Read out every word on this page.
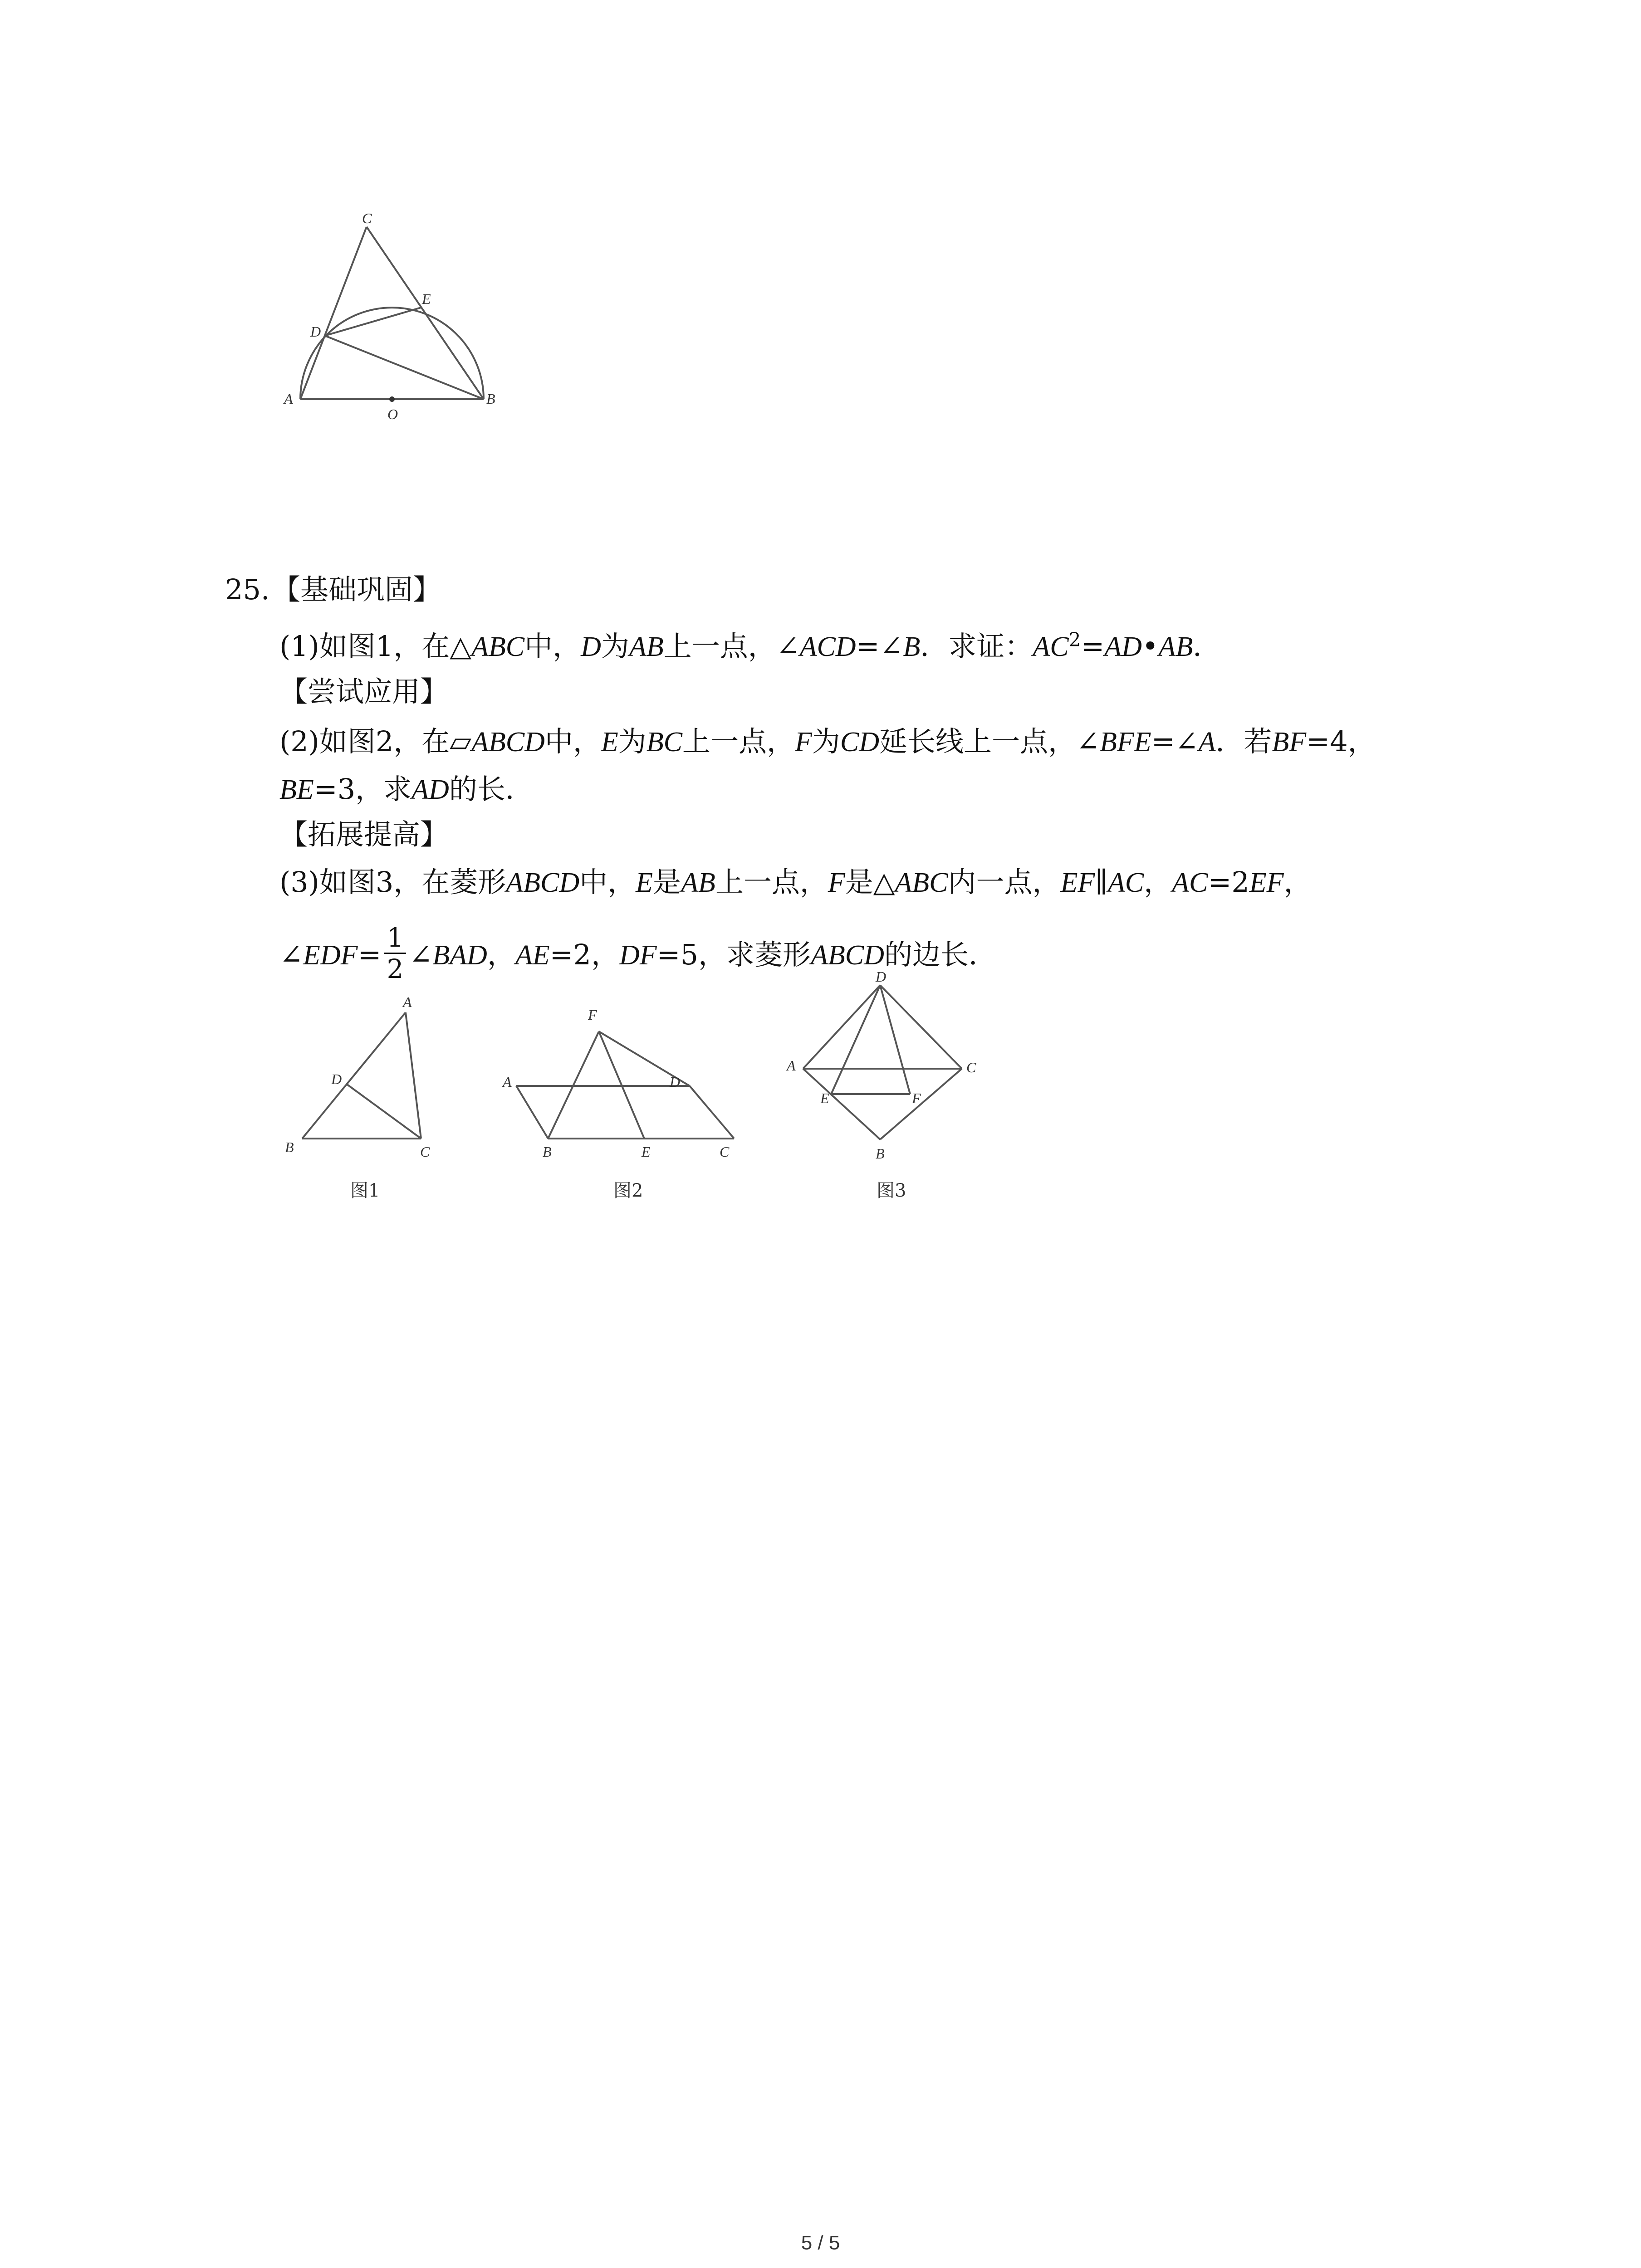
C
E
D
A
O
B
25. 【基础巩固】
(1)如图1，在△ABC中，D为AB上一点，∠ACD=∠B．求证：$AC^2=AD•AB$．
【尝试应用】
(2)如图2，在▱ABCD中，E为BC上一点，F为CD延长线上一点，∠BFE=∠A．若BF=4，
BE=3，求AD的长．
【拓展提高】
(3)如图3，在菱形ABCD中，E是AB上一点，F是△ABC内一点，EF∥AC，AC=2EF，
∠EDF= $\frac{1}{2}$ ∠BAD，AE=2，DF=5，求菱形ABCD的边长．
A
D
B	C
图1
F
A	D
B	E	C
图2
D
A	C
E	F
B
图3
5 / 5
